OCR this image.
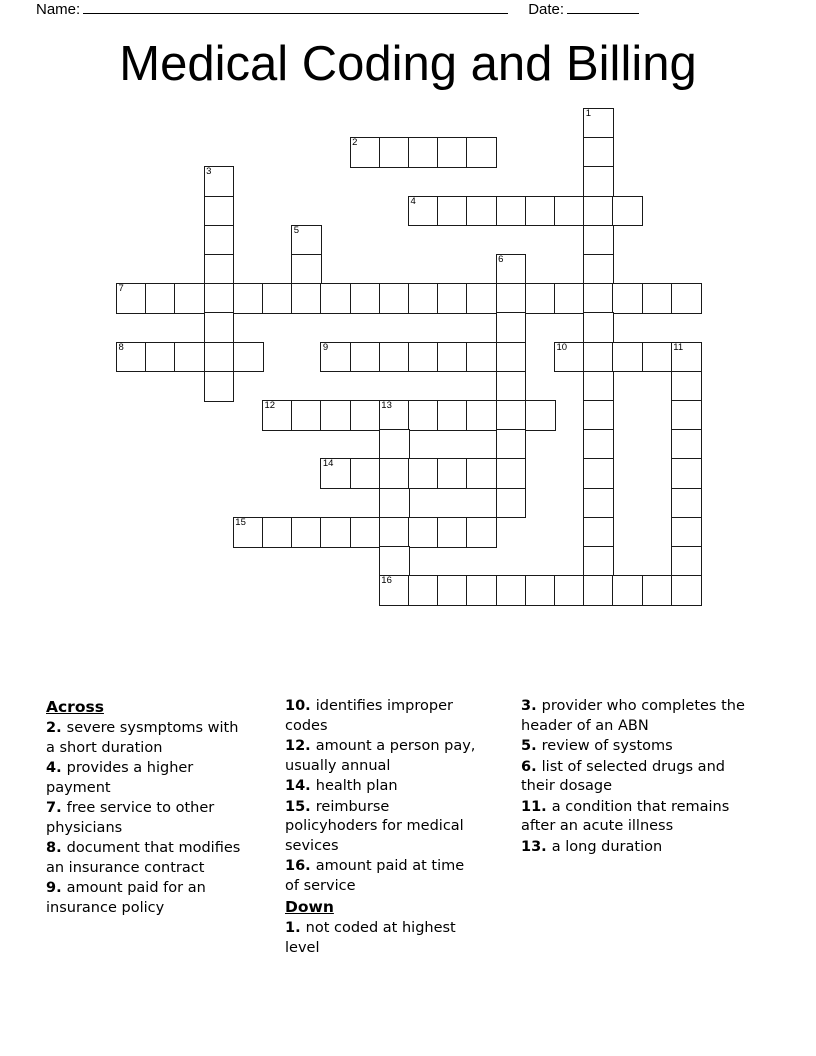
Name:	Date:
Medical Coding and Billing
1
2
3
4
5
6
7
8	9	10	11
12	13
14
15
16
Across

2. severe sysmptoms with a short duration

4. provides a higher payment

7. free service to other physicians

8. document that modifies an insurance contract

9. amount paid for an insurance policy

10. identifies improper codes

12. amount a person pay, usually annual

14. health plan

15. reimburse policyhoders for medical sevices

16. amount paid at time of service

Down

1. not coded at highest level

3. provider who completes the header of an ABN

5. review of systoms

6. list of selected drugs and their dosage

11. a condition that remains after an acute illness

13. a long duration
